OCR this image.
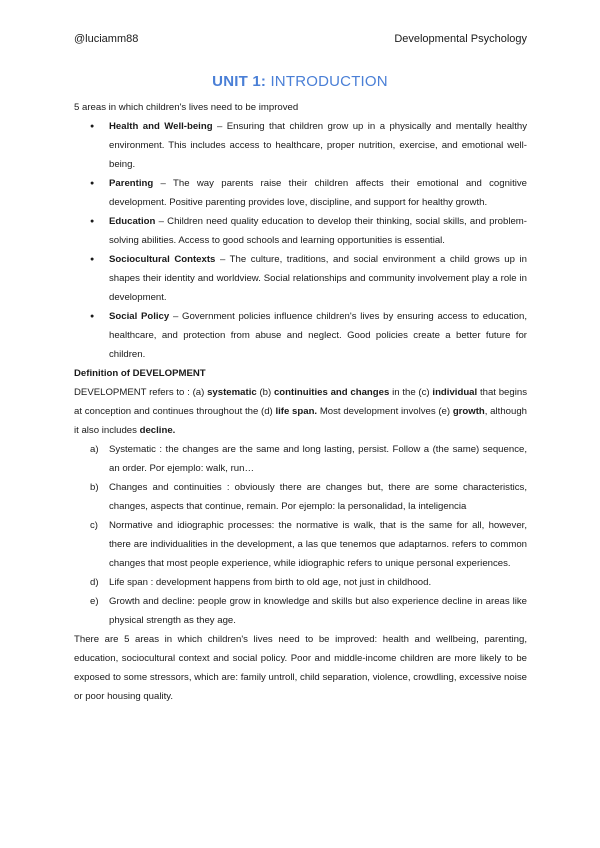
@luciamm88	Developmental Psychology
UNIT 1: INTRODUCTION

5 areas in which children's lives need to be improved

● Health and Well-being – Ensuring that children grow up in a physically and mentally healthy environment. This includes access to healthcare, proper nutrition, exercise, and emotional well-being.
● Parenting – The way parents raise their children affects their emotional and cognitive development. Positive parenting provides love, discipline, and support for healthy growth.
● Education – Children need quality education to develop their thinking, social skills, and problem-solving abilities. Access to good schools and learning opportunities is essential.
● Sociocultural Contexts – The culture, traditions, and social environment a child grows up in shapes their identity and worldview. Social relationships and community involvement play a role in development.
● Social Policy – Government policies influence children's lives by ensuring access to education, healthcare, and protection from abuse and neglect. Good policies create a better future for children.

Definition of DEVELOPMENT

DEVELOPMENT refers to : (a) systematic (b) continuities and changes in the (c) individual that begins at conception and continues throughout the (d) life span. Most development involves (e) growth, although it also includes decline.

a) Systematic : the changes are the same and long lasting, persist. Follow a (the same) sequence, an order. Por ejemplo: walk, run…
b) Changes and continuities : obviously there are changes but, there are some characteristics, changes, aspects that continue, remain. Por ejemplo: la personalidad, la inteligencia
c) Normative and idiographic processes: the normative is walk, that is the same for all, however, there are individualities in the development, a las que tenemos que adaptarnos. refers to common changes that most people experience, while idiographic refers to unique personal experiences.
d) Life span : development happens from birth to old age, not just in childhood.
e) Growth and decline: people grow in knowledge and skills but also experience decline in areas like physical strength as they age.

There are 5 areas in which children's lives need to be improved: health and wellbeing, parenting, education, sociocultural context and social policy. Poor and middle-income children are more likely to be exposed to some stressors, which are: family untroll, child separation, violence, crowdling, excessive noise or poor housing quality.
